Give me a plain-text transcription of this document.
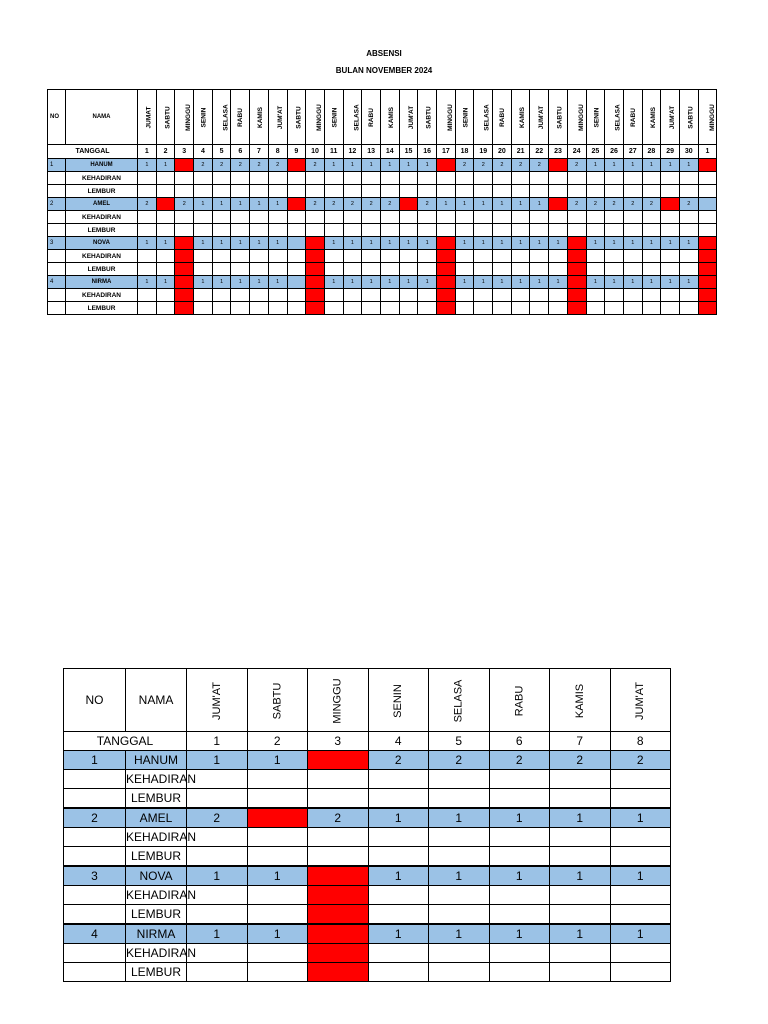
ABSENSI
BULAN NOVEMBER 2024
NO	NAMA	JUMAT	SABTU	MINGGU	SENIN	SELASA	RABU	KAMIS	JUM'AT	SABTU	MINGGU	SENIN	SELASA	RABU	KAMIS	JUM'AT	SABTU	MINGGU	SENIN	SELASA	RABU	KAMIS	JUM'AT	SABTU	MINGGU	SENIN	SELASA	RABU	KAMIS	JUM'AT	SABTU	MINGGU
TANGGAL		1	2	3	4	5	6	7	8	9	10	11	12	13	14	15	16	17	18	19	20	21	22	23	24	25	26	27	28	29	30	1
1	HANUM	1	1		2	2	2	2	2		2	1	1	1	1	1	1		2	2	2	2	2		2	1	1	1	1	1	1	
	KEHADIRAN																															
	LEMBUR																															
2	AMEL	2		2	1	1	1	1	1		2	2	2	2	2		2	1	1	1	1	1	1		2	2	2	2	2		2	
	KEHADIRAN																															
	LEMBUR																															
3	NOVA	1	1		1	1	1	1	1			1	1	1	1	1	1		1	1	1	1	1	1		1	1	1	1	1	1	
	KEHADIRAN																															
	LEMBUR																															
4	NIRMA	1	1		1	1	1	1	1			1	1	1	1	1	1		1	1	1	1	1	1		1	1	1	1	1	1	
	KEHADIRAN																															
	LEMBUR																															
NO	NAMA	JUM'AT	SABTU	MINGGU	SENIN	SELASA	RABU	KAMIS	JUM'AT
TANGGAL		1	2	3	4	5	6	7	8
1	HANUM	1	1		2	2	2	2	2
	KEHADIRAN								
	LEMBUR								
2	AMEL	2		2	1	1	1	1	1
	KEHADIRAN								
	LEMBUR								
3	NOVA	1	1		1	1	1	1	1
	KEHADIRAN								
	LEMBUR								
4	NIRMA	1	1		1	1	1	1	1
	KEHADIRAN								
	LEMBUR								
